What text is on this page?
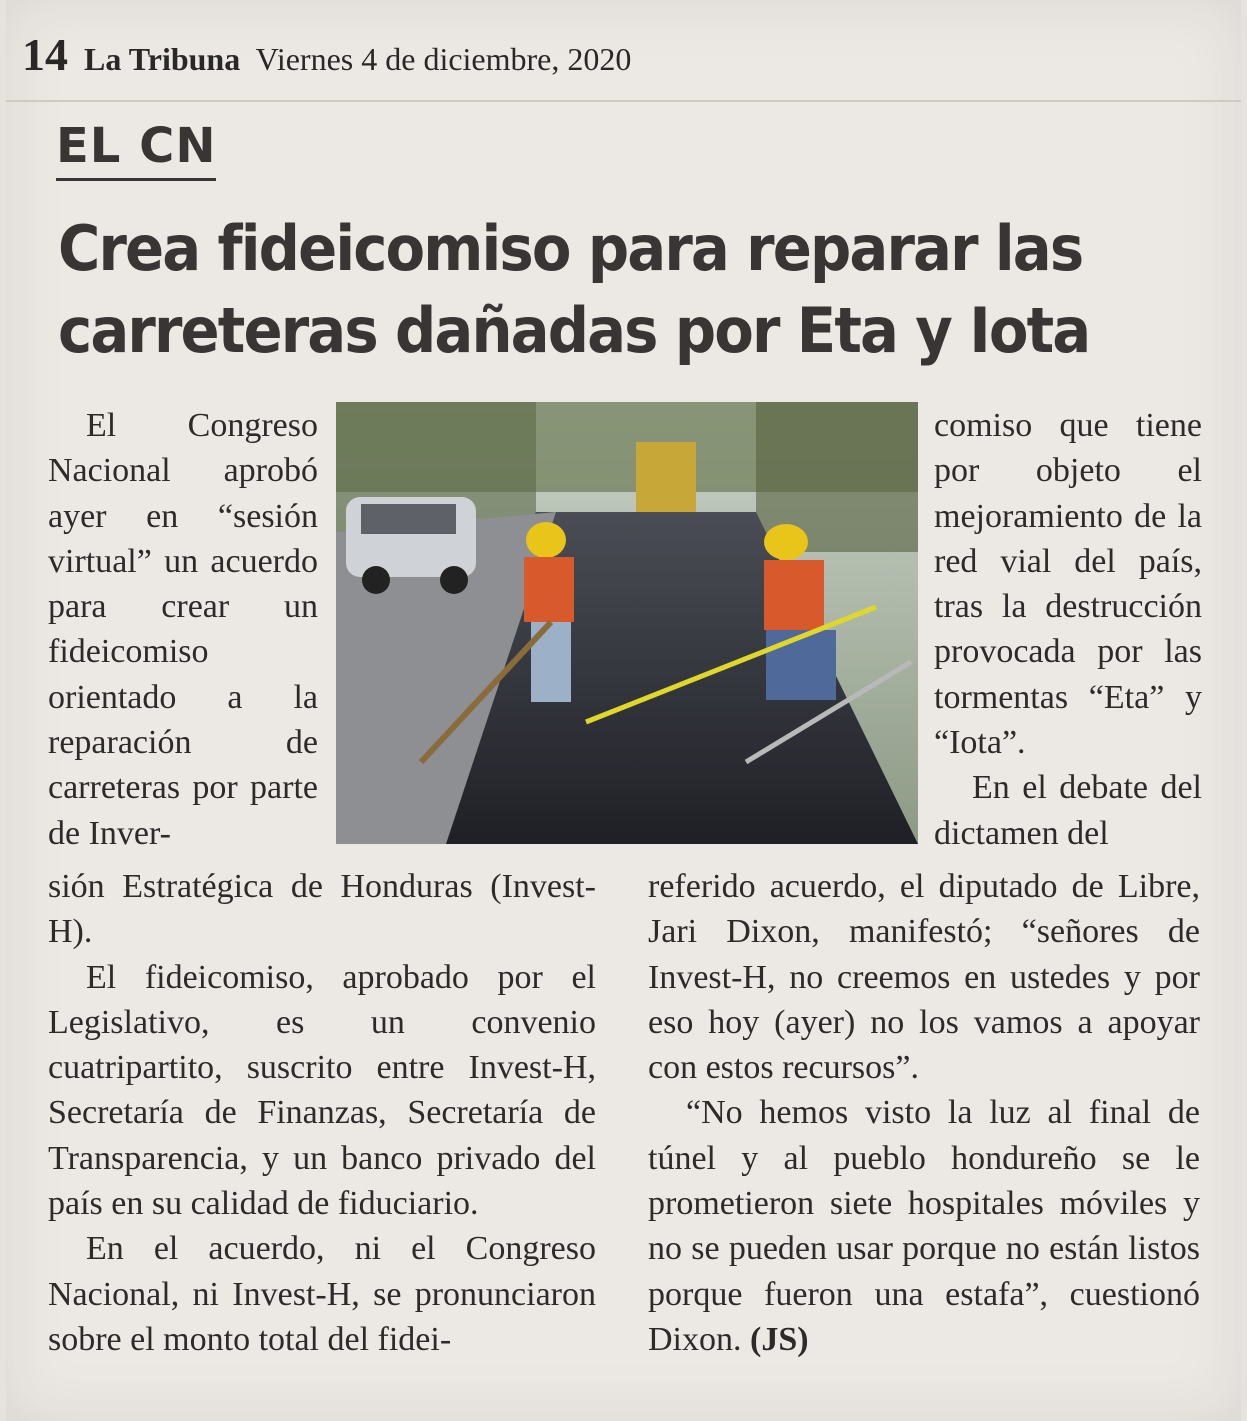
14 La Tribuna Viernes 4 de diciembre, 2020
EL CN
Crea fideicomiso para reparar las carreteras dañadas por Eta y Iota

El Congreso Nacional aprobó ayer en “sesión virtual” un acuerdo para crear un fideicomiso orientado a la reparación de carreteras por parte de Inver-

comiso que tiene por objeto el mejoramiento de la red vial del país, tras la destrucción provocada por las tormentas “Eta” y “Iota”.

En el debate del dictamen del

sión Estratégica de Honduras (Invest-H).

El fideicomiso, aprobado por el Legislativo, es un convenio cuatripartito, suscrito entre Invest-H, Secretaría de Finanzas, Secretaría de Transparencia, y un banco privado del país en su calidad de fiduciario.

En el acuerdo, ni el Congreso Nacional, ni Invest-H, se pronunciaron sobre el monto total del fidei-

referido acuerdo, el diputado de Libre, Jari Dixon, manifestó; “señores de Invest-H, no creemos en ustedes y por eso hoy (ayer) no los vamos a apoyar con estos recursos”.

“No hemos visto la luz al final de túnel y al pueblo hondureño se le prometieron siete hospitales móviles y no se pueden usar porque no están listos porque fueron una estafa”, cuestionó Dixon. (JS)
